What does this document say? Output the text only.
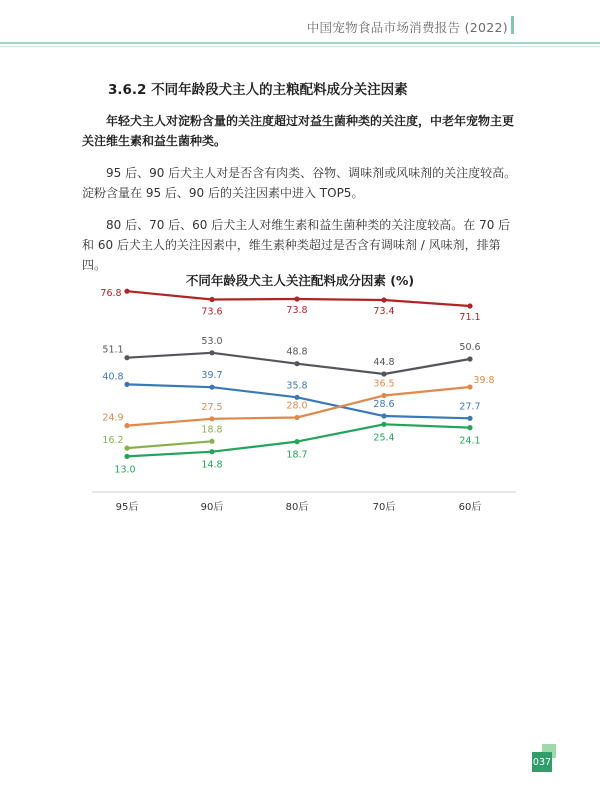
中国宠物食品市场消费报告 (2022)
3.6.2 不同年龄段犬主人的主粮配料成分关注因素
年轻犬主人对淀粉含量的关注度超过对益生菌种类的关注度，中老年宠物主更关注维生素和益生菌种类。
95 后、90 后犬主人对是否含有肉类、谷物、调味剂或风味剂的关注度较高。淀粉含量在 95 后、90 后的关注因素中进入 TOP5。
80 后、70 后、60 后犬主人对维生素和益生菌种类的关注度较高。在 70 后和 60 后犬主人的关注因素中，维生素种类超过是否含有调味剂 / 风味剂，排第四。
不同年龄段犬主人关注配料成分因素 (%)
95后	90后	80后	70后	60后
76.8
73.6	73.8	73.4
71.1
51.1
53.0
48.8
44.8
50.6
40.8	39.7
35.8
28.6	27.7
24.9
27.5	28.0
36.5	39.8
16.2
18.8
13.0	14.8
18.7
25.4	24.1
037
